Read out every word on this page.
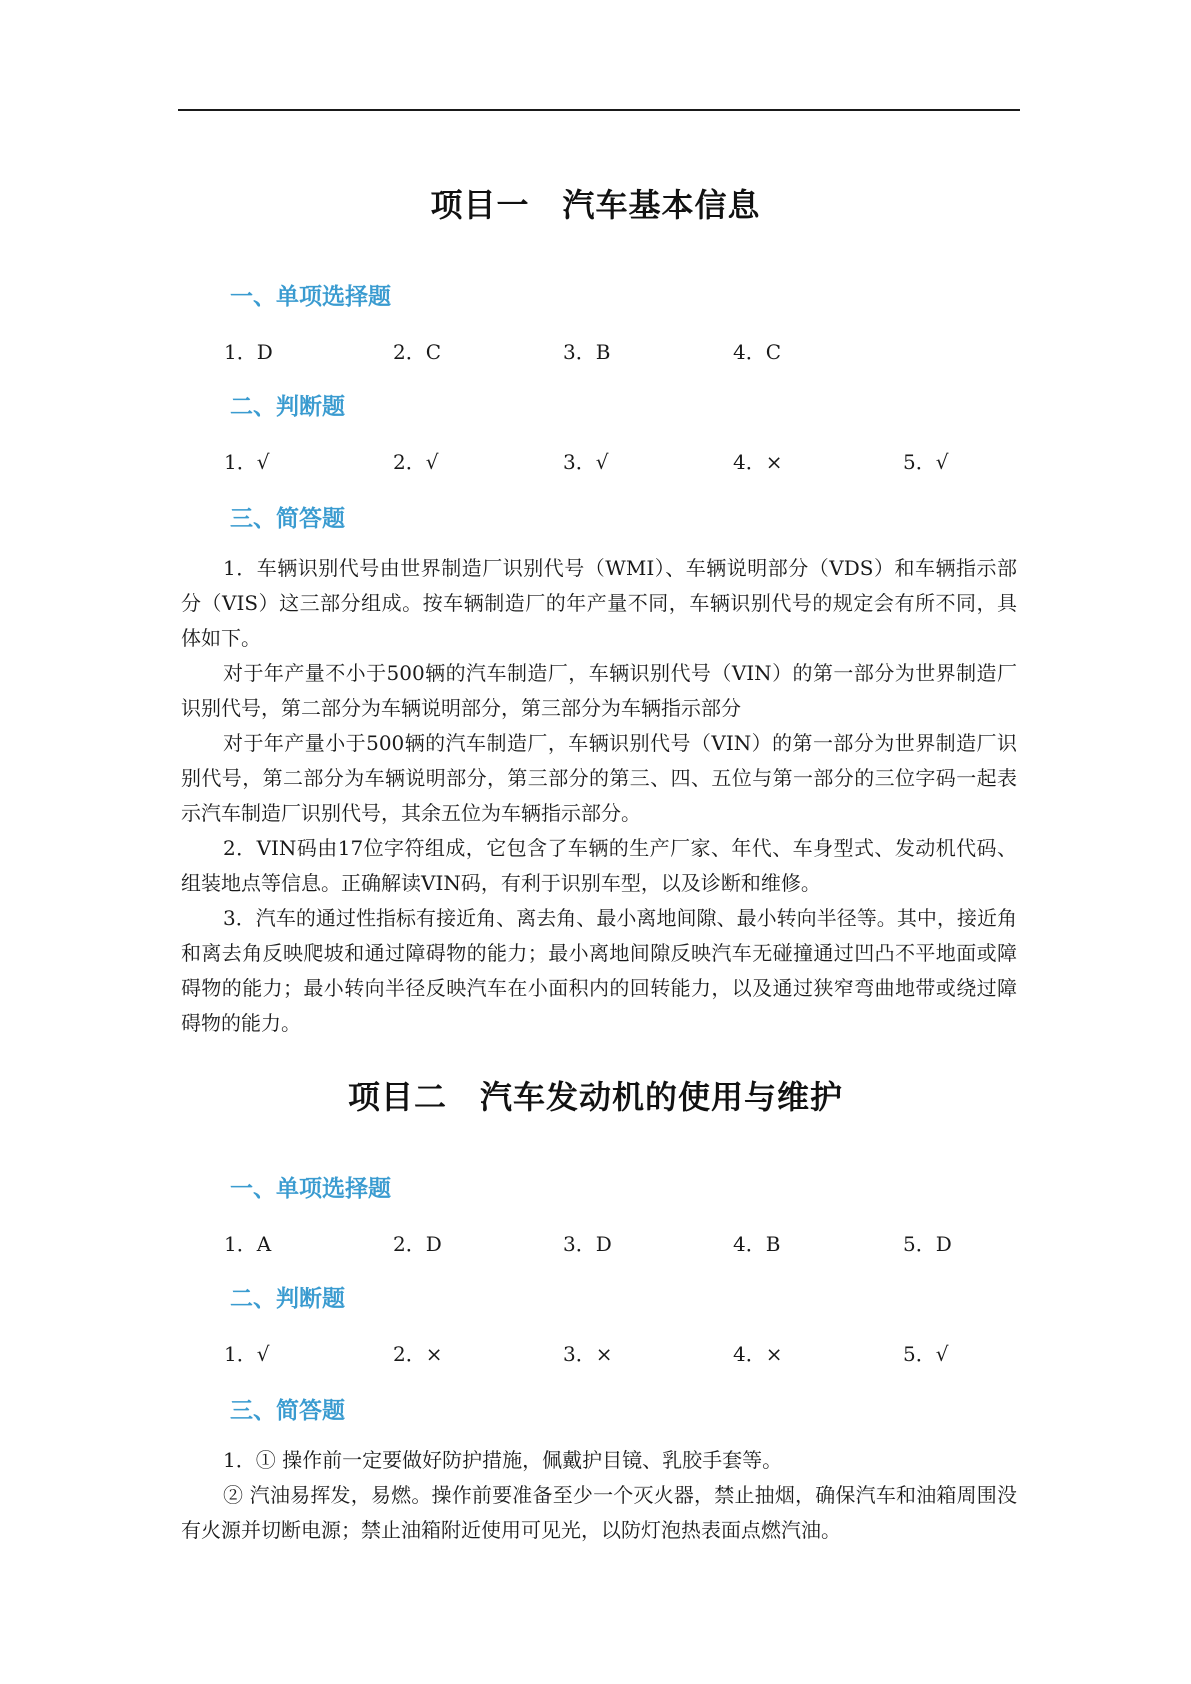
项目一　汽车基本信息
一、单项选择题
1．D	2．C	3．B	4．C
二、判断题
1．√	2．√	3．√	4．×	5．√
三、简答题

1．车辆识别代号由世界制造厂识别代号（WMI）、车辆说明部分（VDS）和车辆指示部分（VIS）这三部分组成。按车辆制造厂的年产量不同，车辆识别代号的规定会有所不同，具体如下。

对于年产量不小于500辆的汽车制造厂，车辆识别代号（VIN）的第一部分为世界制造厂识别代号，第二部分为车辆说明部分，第三部分为车辆指示部分

对于年产量小于500辆的汽车制造厂，车辆识别代号（VIN）的第一部分为世界制造厂识别代号，第二部分为车辆说明部分，第三部分的第三、四、五位与第一部分的三位字码一起表示汽车制造厂识别代号，其余五位为车辆指示部分。

2．VIN码由17位字符组成，它包含了车辆的生产厂家、年代、车身型式、发动机代码、组装地点等信息。正确解读VIN码，有利于识别车型，以及诊断和维修。

3．汽车的通过性指标有接近角、离去角、最小离地间隙、最小转向半径等。其中，接近角和离去角反映爬坡和通过障碍物的能力；最小离地间隙反映汽车无碰撞通过凹凸不平地面或障碍物的能力；最小转向半径反映汽车在小面积内的回转能力，以及通过狭窄弯曲地带或绕过障碍物的能力。

项目二　汽车发动机的使用与维护
一、单项选择题
1．A	2．D	3．D	4．B	5．D
二、判断题
1．√	2．×	3．×	4．×	5．√
三、简答题

1．① 操作前一定要做好防护措施，佩戴护目镜、乳胶手套等。

② 汽油易挥发，易燃。操作前要准备至少一个灭火器，禁止抽烟，确保汽车和油箱周围没有火源并切断电源；禁止油箱附近使用可见光，以防灯泡热表面点燃汽油。
